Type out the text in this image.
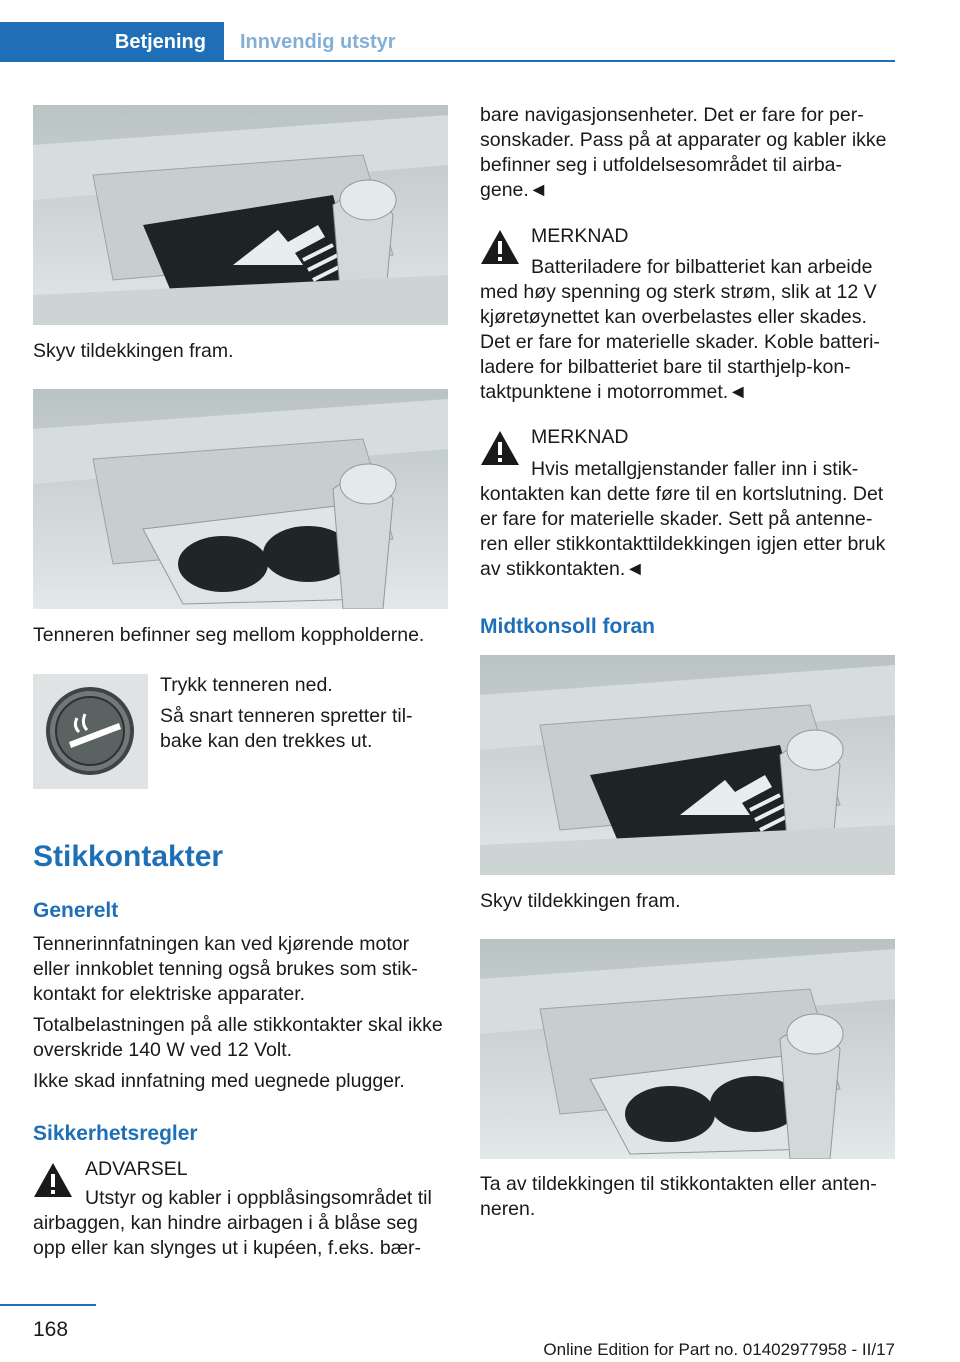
Betjening	Innvendig utstyr

Skyv tildekkingen fram.

Tenneren befinner seg mellom koppholderne.

Trykk tenneren ned.

Så snart tenneren spretter til-bake kan den trekkes ut.

Stikkontakter
Generelt

Tennerinnfatningen kan ved kjørende motor eller innkoblet tenning også brukes som stik-kontakt for elektriske apparater.

Totalbelastningen på alle stikkontakter skal ikke overskride 140 W ved 12 Volt.

Ikke skad innfatning med uegnede plugger.

Sikkerhetsregler

ADVARSEL

Utstyr og kabler i oppblåsingsområdet til airbaggen, kan hindre airbagen i å blåse seg opp eller kan slynges ut i kupéen, f.eks. bær-

bare navigasjonsenheter. Det er fare for per-sonskader. Pass på at apparater og kabler ikke befinner seg i utfoldelsesområdet til airba-gene.◄

MERKNAD

Batteriladere for bilbatteriet kan arbeide med høy spenning og sterk strøm, slik at 12 V kjøretøynettet kan overbelastes eller skades. Det er fare for materielle skader. Koble batteri-ladere for bilbatteriet bare til starthjelp-kon-taktpunktene i motorrommet.◄

MERKNAD

Hvis metallgjenstander faller inn i stik-kontakten kan dette føre til en kortslutning. Det er fare for materielle skader. Sett på antenne-ren eller stikkontakttildekkingen igjen etter bruk av stikkontakten.◄

Midtkonsoll foran

Skyv tildekkingen fram.

Ta av tildekkingen til stikkontakten eller anten-neren.

168
Online Edition for Part no. 01402977958 - II/17
